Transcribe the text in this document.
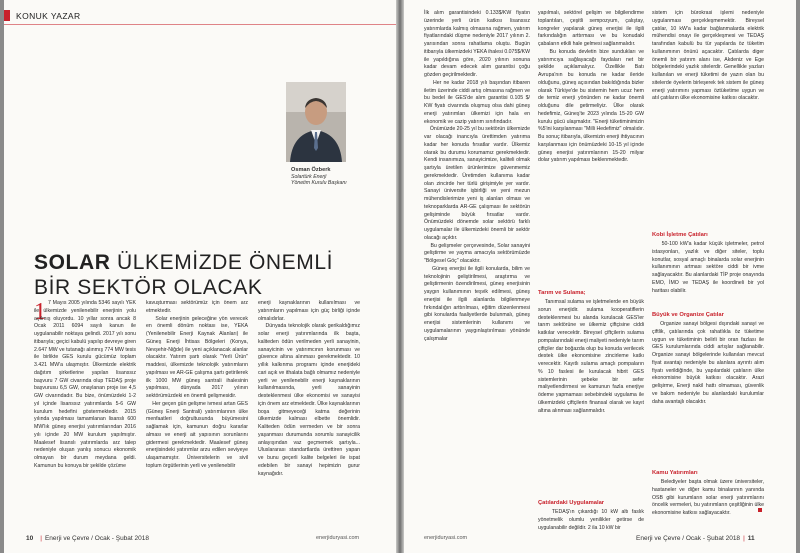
KONUK YAZAR
Osman Özberk
Solartürk Enerji
Yönetim Kurulu Başkanı
SOLAR ÜLKEMİZDE ÖNEMLİ
BİR SEKTÖR OLACAK
1 7 Mayıs 2005 yılında 5346 sayılı YEK ile ülkemizde yenilenebilir enerjinin yolu açılmış oluyordu. 10 yıllar sonra ancak 8 Ocak 2011 6094 sayılı kanun ile uygulanabilir noktaya gelindi. 2017 yılı sonu itibarıyla; geçici kabulü yapılıp devreye giren 2.647 MW ve tutanağı alınmış 774 MW tesis ile birlikte GES kurulu gücümüz toplam 3.421 MW'a ulaşmıştır. Ülkemizde elektrik dağıtım şirketlerine yapılan lisanssız başvuru 7 GW civarında olup TEDAŞ proje başvurusu 6,5 GW, onaylanan proje ise 4,5 GW civarındadır. Bu bize, önümüzdeki 1-2 yıl içinde lisanssız yatırımlarda 5-6 GW kurulum hedefini göstermektedir. 2015 yılında yapılması tamamlanan lisanslı 600 MW'lık güneş enerjisi yatırımlarından 2016 yılı içinde 20 MW kurulum yapılmıştır. Maalesef lisanslı yatırımlarda arz talep nedeniyle oluşan yanlış sonucu ekonomik olmayan bir durum meydana geldi. Kamunun bu konuya bir şekilde çözüme
kavuşturması sektörümüz için önem arz etmektedir.
Solar enerjinin geleceğine yön verecek en önemli dönüm noktası ise, YEKA (Yenilenebilir Enerji Kaynak Alanları) ile Güneş Enerji İhtisas Bölgeleri (Konya, Nevşehir-Niğde) ile yeni açıklanacak alanlar olacaktır. Yatırım şartı olarak "Yerli Ürün" maddesi, ülkemizde teknolojik yatırımların yapılması ve AR-GE çalışma şartı getirilerek ilk 1000 MW güneş santrali ihalesinin yapılması, dünyada 2017 yılının sektörümüzdeki en önemli gelişmesidir.
Her geçen gün gelişme ivmesi artan GES (Güneş Enerji Santrali) yatırımlarının ülke menfaatleri doğrultusunda büyümesini sağlamak için, kamunun doğru kararlar alması ve enerji ait yapısının sorunlarını gidermesi gerekmektedir. Maalesef güneş enerjisindeki yatırımlar arzu edilen seviyeye ulaşamamıştır. Üniversitelerin ve sivil toplum örgütlerinin yerli ve yenilenebilir
enerji kaynaklarının kullanılması ve yatırımların yapılması için güç birliği içinde olmalıdırlar.
Dünyada teknolojik olarak gerikaldığımız solar enerji yatırımlarında ilk başta, kaliteden ödün verilmeden yerli sanayinin, sanayicinin ve yatırımcının korunması ve güvence altına alınması gerekmektedir. 10 yıllık kalkınma programı içinde enerjideki cari açık ve ithalata bağlı olmamız nedeniyle yerli ve yenilenebilir enerji kaynaklarının kullanılmasında, yerli sanayinin desteklenmesi ülke ekonomisi ve sanayisi için önem arz etmektedir. Ülke kaynaklarının boşa gitmeyeceği katma değerinin ülkemizde kalması elbette önemlidir. Kaliteden ödün vermeden ve bir sonra yaşanması durumunda sorumlu sanayicilik anlayışından vaz geçmemek şartıyla... Uluslararası standartlarda ürettiren yapan ve bunu geçerli kalite belgeleri ile ispat edebilen bir sanayi hepimizin gurur kaynağıdır.
10 | Enerji ve Çevre / Ocak - Şubat 2018	enerjiduryasi.com
İlk alım garantisindeki 0.133$/KW fiyatın üzerinde yerli ürün katkısı lisanssız yatırımlarda kalmış olmasına rağmen, yatırım fiyatlarındaki düşme nedeniyle 2017 yılının 2. yarısından sonra rahatlama oluştu. Bugün itibarıyla ülkemizdeki YEKA ihalesi 0.075$/KW ile yapıldığına göre, 2020 yılının sonuna kadar devam edecek alım garantisi çoğu gözden geçirilmektedir.
Her ne kadar 2018 yılı başından itibaren iletim üzerinde ciddi artış olmasına rağmen ve bu bedel ile GES'de alım garantisi 0.105 $/ KW fiyatı civarında oluşmuş olsa dahi güneş enerji yatırımları ülkemizi için hala en ekonomik ve cazip yatırım sınıfındadır.
Önümüzde 20-25 yıl bu sektörün ülkemizde var olacağı inancıyla ürettimden yatırıma kadar her konuda fırsatlar vardır. Ülkemiz olarak bu durumu korumamız gerekmektedir. Kendi insanımıza, sanayicimize, kaliteli olmak şartıyla üretilen ürünlerimize güvenmemiz gerekmektedir. Üretimden kullanıma kadar olan zincirde her türlü girişimiyle yer vardır. Sanayi üniversite işbirliği ve yeni mezun mühendislerimize yeni iş alanları olması ve teknoparklarda AR-GE çalışması ile sektörün gelişiminde büyük fırsatlar vardır. Önümüzdeki dönemde solar sektörü farklı uygulamalar ile ülkemizdeki önemli bir sektör olacağı açıktır.
Bu gelişmeler çerçevesinde, Solar sanayini geliştirme ve yayma amacıyla sektörümüzde "Bölgesel Göç" olacaktır.
Güneş enerjisi ile ilgili konularda, bilim ve teknolojinin geliştirilmesi, araştırma ve geliştirmenin özendirilmesi, güneş enerjisinin yaygın kullanımının teşvik edilmesi, güneş enerjisi ile ilgili alanlarda bilgilenmeye fırkındalığın arttırılması, eğitim düzenlenmesi gibi konularda faaliyetlerde bulunmalı, güneş enerjisi sistemlerinin kullanımı ve uygulamalarının yaygınlaştırılması yönünde çalışmalar
yapılmalı, sektörel gelişim ve bilgilendirme toplantıları, çeşitli sempozyum, çalıştay, kongreler yapılarak güneş enerjisi ile ilgili farkındalığın arttırması ve bu konudaki çabaların etkili hale gelmesi sağlanmalıdır.
Bu konuda devletin bize sundukları ve yatırımcıya sağlayacağı faydaları net bir şekilde açıklamalıyız. Özellikle Batı Avrupa'nın bu konuda ne kadar ileride olduğunu, güneş açısından bakıldığında bizler olarak Türkiye'de bu sistemin hem ucuz hem de temiz enerji yönünden ne kadar önemli olduğunu dile getirmeliyiz. Ülke olarak hedefimiz, Güneş'te 2023 yılında 15-20 GW kurulu gücü ulaşmaktır. "Enerji tüketiminimizin %5'ini karşılanması "Milli Hedefimiz" olmalıdır. Bu sonuç itibarıyla, ülkemizin enerji ihtiyacının karşılanması için önümüzdeki 10-15 yıl içinde güneş enerjisi yatırımlarının 15-20 milyar dolar yatırım yapılması beklenmektedir.
Tarım ve Sulama;
Tanımsal sulama ve işletmelerde en büyük sorun enerjidir. sulama kooperatiflerin desteklenmesi bu alanda kurulacak GES'ler tarım sektörüne ve ülkemiz çiftçisine ciddi katkılar verecektir. Bireysel çiftçilerin sulama pompalarındaki enerji maliyeti nedeniyle tarım çiftçiler dar boğazda olup bu konuda verilecek destek ülke ekonomisine zincirleme katkı verecektir. Kayıtlı sulama amaçlı pompaların % 10 faslesi ile kurulacak hibrit GES sistemlerinin şebeke bir sefer maliyetlendirmesi ve kamunun fazla enerjiye ödeme yapmaması sebebindeki uygulama ile ülkemizdeki çiftçilerin finansal olarak ve kayıt altına alınması sağlanmalıdır.
Çatılardaki Uygulamalar
TEDAŞ'ın çıkardığı 10 kW altı faslık yönetmelik olumlu yenilikler getirse de uygulanabilir değildir. 2 ila 10 kW bir
sistem için bürokrasi işlemi nedeniyle uygulanması gerçekleşmemektir. Bireysel çatılar, 10 kW'a kadar bağlanmalarda elektrik mühendisi onayı ile gerçekleşmesi ve TEDAŞ tarafından kabulü bu tür yapılarda öz tüketim kullanımının önünü açacaktır. Çatılarda diger önemli bir yatırım alanı ise, Akdeniz ve Ege bölgelerindeki yazlık sitelerdir. Genellikle yazları kullanılan ve enerji tüketimi de yazın olan bu sitelerde öyelerin birleşerek tek sistem ile güneş enerji yatırımını yapması öztüketime uygun ve atıl çatıların ülke ekonomisine katkısı olacaktır.
Kobi İşletme Çatıları
50-100 kW'a kadar küçük işletmeler, petrol istasyonları, yazlık ve diğer siteler, toplu konutlar, sosyal amaçlı binalarda solar enerjinin kullanımının artması sektöre ciddi bir ivme sağlayacaktır. Bu alanlardaki TİP proje onayında EMO, İMO ve TEDAŞ ile koordineli bir yol haritası olabilir.
Büyük ve Organize Çatılar
Organize sanayi bölgesi dışındaki sanayi ve çiftlik, çatılarında çok rahatlıkla öz tüketime uygun ve tüketiminin belirli bir oran fazlası ile GES kurulumlarında ciddi artışlar sağlanabilir. Organize sanayi bölgelerinde kullanılan mevcut fiyat avantajı nedeniyle bu alanlara ayrıntı alım fiyatı verildiğinde, bu yapılardaki çatıların ülke ekonomisine büyük katkısı olacaktır. Arazi gelişirme, Enerji nakil hattı olmaması, güvenlik ve bakım nedeniyle bu alanlardaki kurulumlar daha avantajlı olacaktır.
Kamu Yatırımları
Belediyeler başta olmak üzere üniversiteler, hastaneler ve diğer kamu binalarının yanında OSB gibi kurumların solar enerji yatırımlarını öncelik vermeleri, bu yatırımların çeşitliğinin ülke ekonomisine katkısı sağlayacaktır.
enerjiduryasi.com	Enerji ve Çevre / Ocak - Şubat 2018 | 11
